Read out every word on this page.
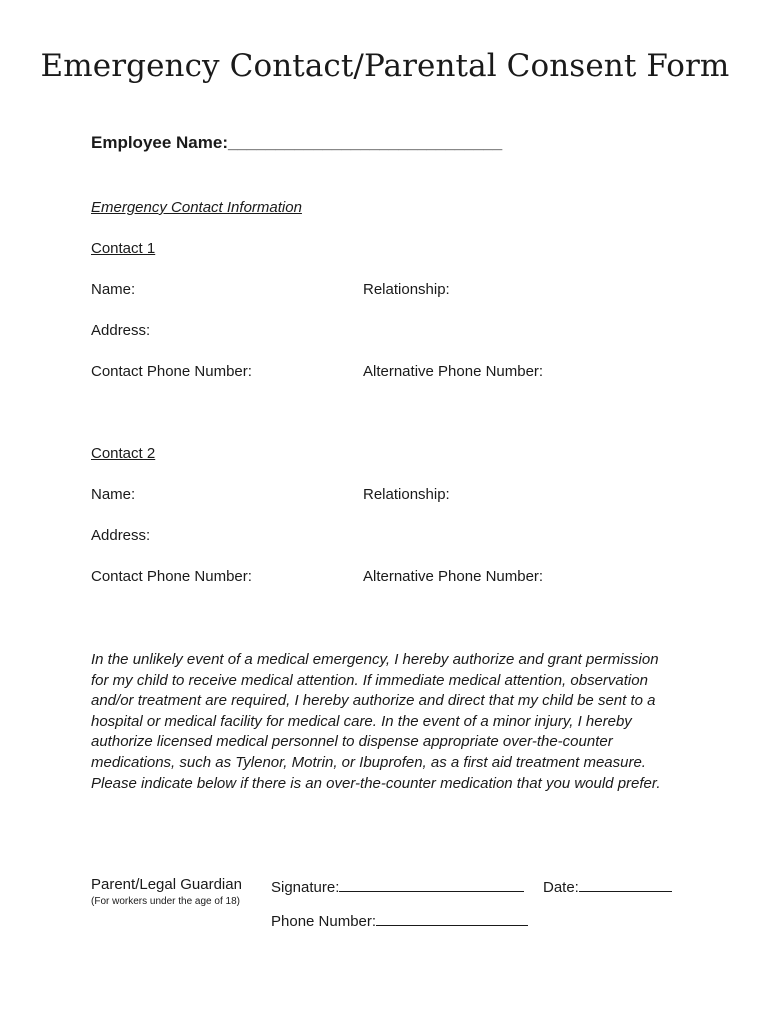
Emergency Contact/Parental Consent Form
Employee Name:_____________________________
Emergency Contact Information
Contact 1
Name:	Relationship:
Address:
Contact Phone Number:	Alternative Phone Number:
Contact 2
Name:	Relationship:
Address:
Contact Phone Number:	Alternative Phone Number:
In the unlikely event of a medical emergency, I hereby authorize and grant permission
for my child to receive medical attention. If immediate medical attention, observation
and/or treatment are required, I hereby authorize and direct that my child be sent to a
hospital or medical facility for medical care. In the event of a minor injury, I hereby
authorize licensed medical personnel to dispense appropriate over-the-counter
medications, such as Tylenor, Motrin, or Ibuprofen, as a first aid treatment measure.
Please indicate below if there is an over-the-counter medication that you would prefer.
Parent/Legal Guardian
(For workers under the age of 18)
Signature:	Date:
Phone Number:
